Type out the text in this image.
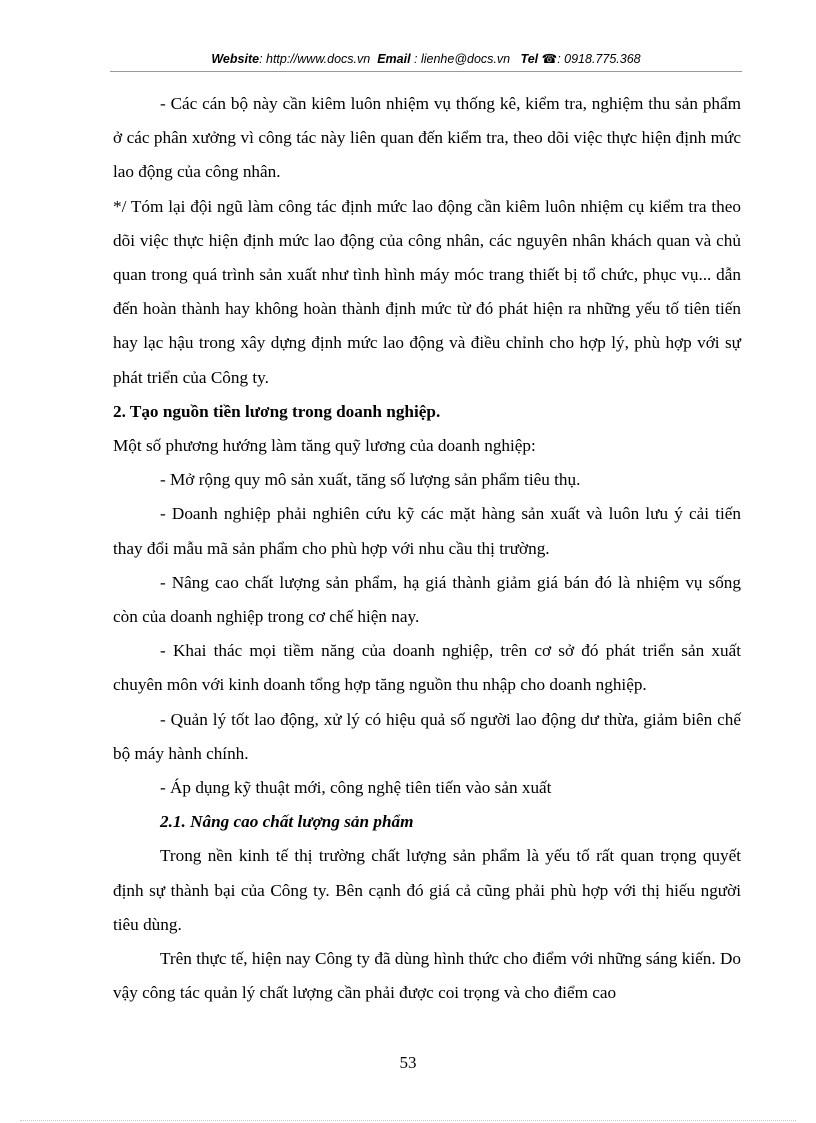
Website: http://www.docs.vn Email : lienhe@docs.vn Tel ☎: 0918.775.368

- Các cán bộ này cần kiêm luôn nhiệm vụ thống kê, kiểm tra, nghiệm thu sản phẩm ở các phân xưởng vì công tác này liên quan đến kiểm tra, theo dõi việc thực hiện định mức lao động của công nhân.

*/ Tóm lại đội ngũ làm công tác định mức lao động cần kiêm luôn nhiệm cụ kiểm tra theo dõi việc thực hiện định mức lao động của công nhân, các nguyên nhân khách quan và chủ quan trong quá trình sản xuất như tình hình máy móc trang thiết bị tổ chức, phục vụ... dẫn đến hoàn thành hay không hoàn thành định mức từ đó phát hiện ra những yếu tố tiên tiến hay lạc hậu trong xây dựng định mức lao động và điều chỉnh cho hợp lý, phù hợp với sự phát triển của Công ty.

2. Tạo nguồn tiền lương trong doanh nghiệp.

Một số phương hướng làm tăng quỹ lương của doanh nghiệp:

- Mở rộng quy mô sản xuất, tăng số lượng sản phẩm tiêu thụ.

- Doanh nghiệp phải nghiên cứu kỹ các mặt hàng sản xuất và luôn lưu ý cải tiến thay đổi mẫu mã sản phẩm cho phù hợp với nhu cầu thị trường.

- Nâng cao chất lượng sản phẩm, hạ giá thành giảm giá bán đó là nhiệm vụ sống còn của doanh nghiệp trong cơ chế hiện nay.

- Khai thác mọi tiềm năng của doanh nghiệp, trên cơ sở đó phát triển sản xuất chuyên môn với kinh doanh tổng hợp tăng nguồn thu nhập cho doanh nghiệp.

- Quản lý tốt lao động, xử lý có hiệu quả số người lao động dư thừa, giảm biên chế bộ máy hành chính.

- Áp dụng kỹ thuật mới, công nghệ tiên tiến vào sản xuất

2.1. Nâng cao chất lượng sản phẩm

Trong nền kinh tế thị trường chất lượng sản phẩm là yếu tố rất quan trọng quyết định sự thành bại của Công ty. Bên cạnh đó giá cả cũng phải phù hợp với thị hiếu người tiêu dùng.

Trên thực tế, hiện nay Công ty đã dùng hình thức cho điểm với những sáng kiến. Do vậy công tác quản lý chất lượng cần phải được coi trọng và cho điểm cao

53
